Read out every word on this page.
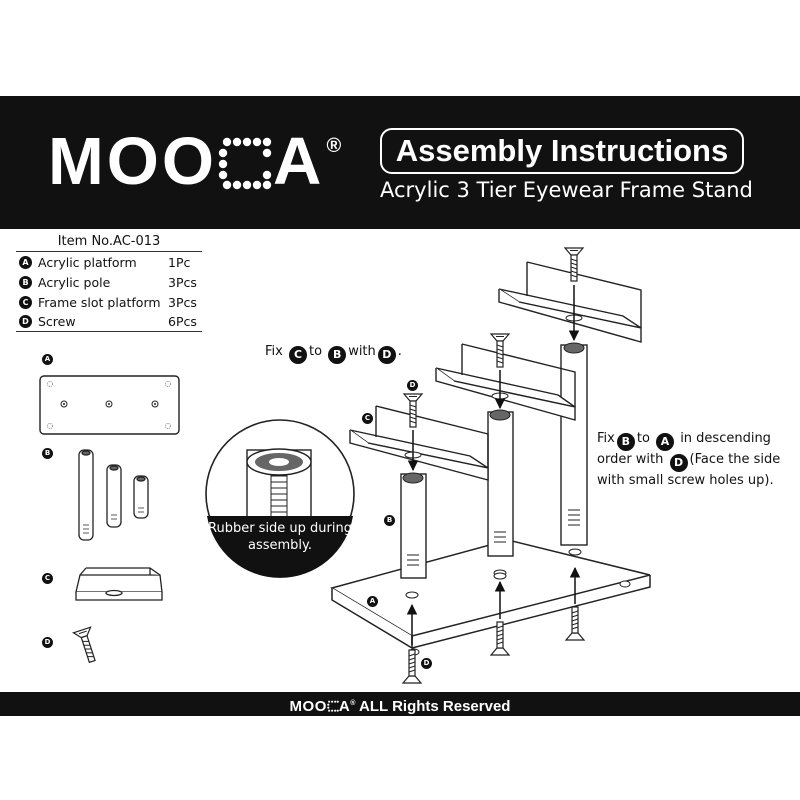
MOO A ®	Assembly Instructions
Acrylic 3 Tier Eyewear Frame Stand
Item No.AC-013
A Acrylic platform	1Pc
B Acrylic pole	3Pcs
C Frame slot platform 3Pcs
D Screw	6Pcs
A
B
C
D
D
C
B
A
D
Fix C to B with D .
Fix B to A in descending order with D (Face the side with small screw holes up).
Rubber side up during assembly.
MOO A® ALL Rights Reserved
